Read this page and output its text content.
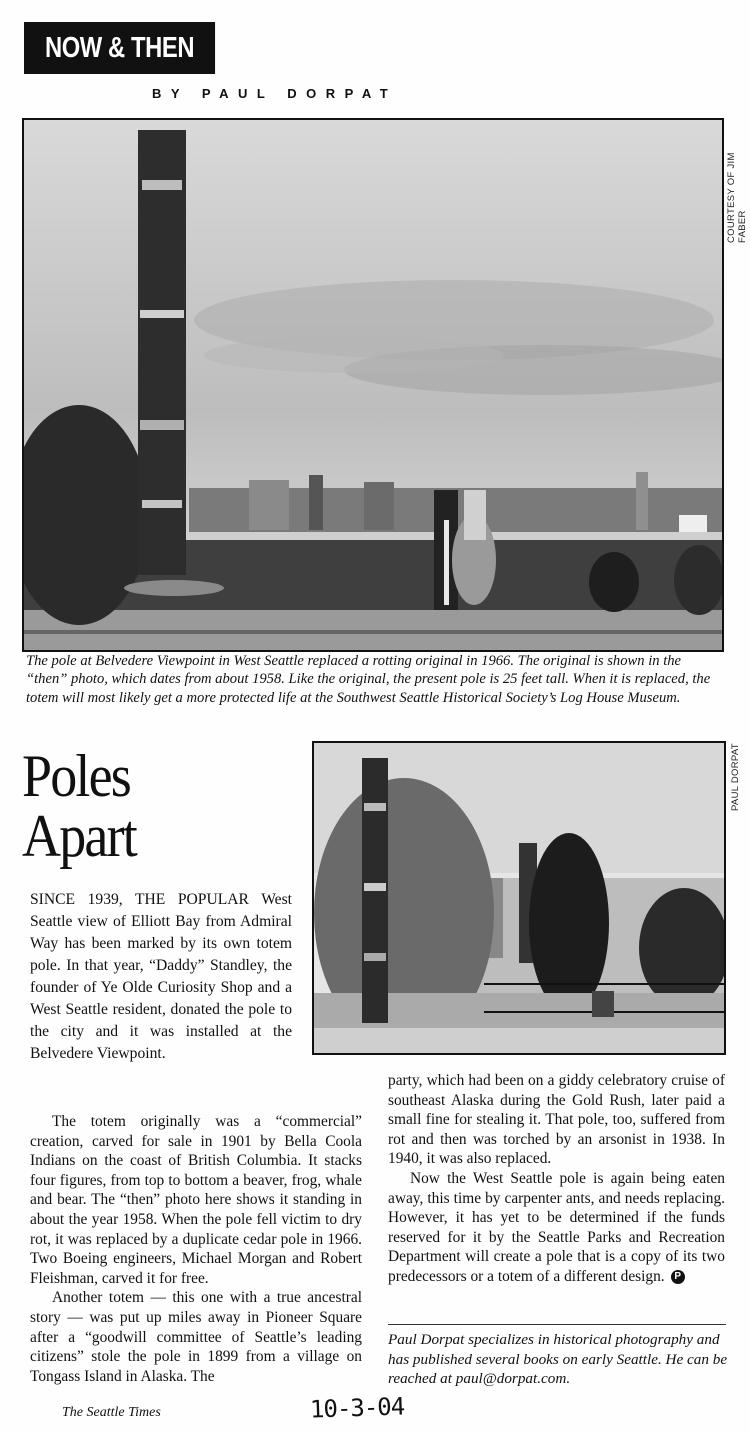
NOW & THEN
BY PAUL DORPAT
COURTESY OF JIM FABER
The pole at Belvedere Viewpoint in West Seattle replaced a rotting original in 1966. The original is shown in the “then” photo, which dates from about 1958. Like the original, the present pole is 25 feet tall. When it is replaced, the totem will most likely get a more protected life at the Southwest Seattle Historical Society’s Log House Museum.
Poles
Apart
PAUL DORPAT

SINCE 1939, THE POPULAR West Seattle view of Elliott Bay from Admiral Way has been marked by its own totem pole. In that year, “Daddy” Standley, the founder of Ye Olde Curiosity Shop and a West Seattle resident, donated the pole to the city and it was installed at the Belvedere Viewpoint.

The totem originally was a “commercial” creation, carved for sale in 1901 by Bella Coola Indians on the coast of British Columbia. It stacks four figures, from top to bottom a beaver, frog, whale and bear. The “then” photo here shows it standing in about the year 1958. When the pole fell victim to dry rot, it was replaced by a duplicate cedar pole in 1966. Two Boeing engineers, Michael Morgan and Robert Fleishman, carved it for free.

Another totem — this one with a true ancestral story — was put up miles away in Pioneer Square after a “goodwill committee of Seattle’s leading citizens” stole the pole in 1899 from a village on Tongass Island in Alaska. The

party, which had been on a giddy celebratory cruise of southeast Alaska during the Gold Rush, later paid a small fine for stealing it. That pole, too, suffered from rot and then was torched by an arsonist in 1938. In 1940, it was also replaced.

Now the West Seattle pole is again being eaten away, this time by carpenter ants, and needs replacing. However, it has yet to be determined if the funds reserved for it by the Seattle Parks and Recreation Department will create a pole that is a copy of its two predecessors or a totem of a different design. P

Paul Dorpat specializes in historical photography and has published several books on early Seattle. He can be reached at paul@dorpat.com.
The Seattle Times	10-3-04
